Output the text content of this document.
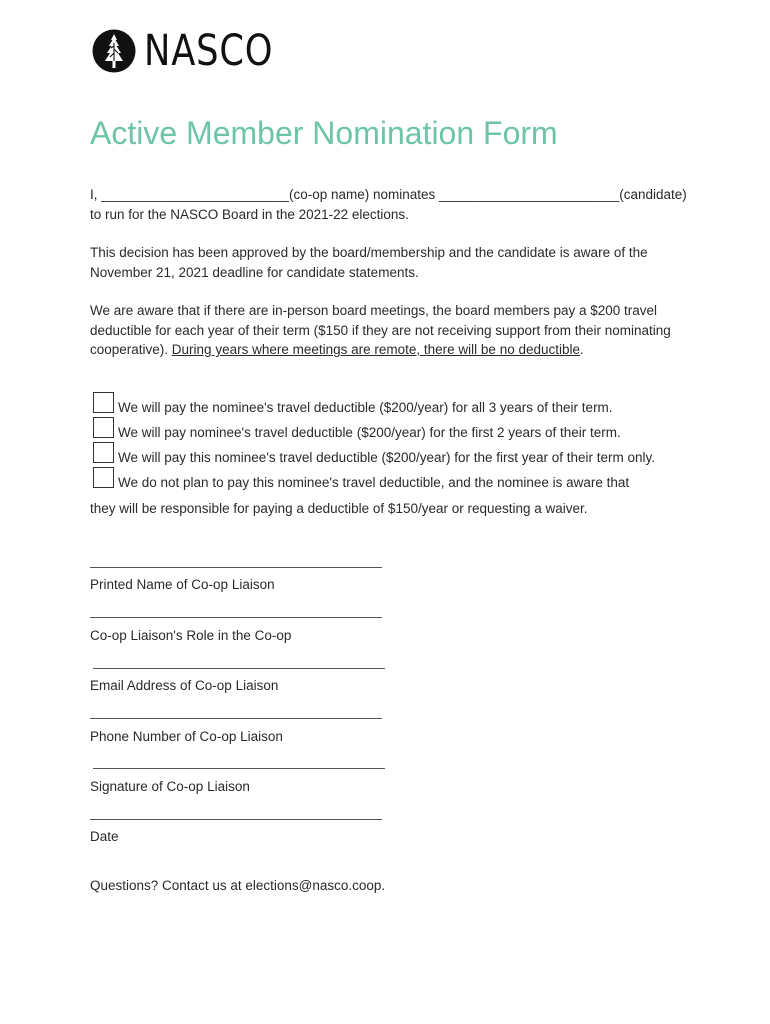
NASCO
Active Member Nomination Form
I, _________________________(co-op name) nominates ________________________(candidate)
to run for the NASCO Board in the 2021-22 elections.
This decision has been approved by the board/membership and the candidate is aware of the November 21, 2021 deadline for candidate statements.
We are aware that if there are in-person board meetings, the board members pay a $200 travel deductible for each year of their term ($150 if they are not receiving support from their nominating cooperative). During years where meetings are remote, there will be no deductible.
We will pay the nominee's travel deductible ($200/year) for all 3 years of their term.
We will pay nominee's travel deductible ($200/year) for the first 2 years of their term.
We will pay this nominee's travel deductible ($200/year) for the first year of their term only.
We do not plan to pay this nominee's travel deductible, and the nominee is aware that
they will be responsible for paying a deductible of $150/year or requesting a waiver.
Printed Name of Co-op Liaison
Co-op Liaison's Role in the Co-op
Email Address of Co-op Liaison
Phone Number of Co-op Liaison
Signature of Co-op Liaison
Date
Questions? Contact us at elections@nasco.coop.
